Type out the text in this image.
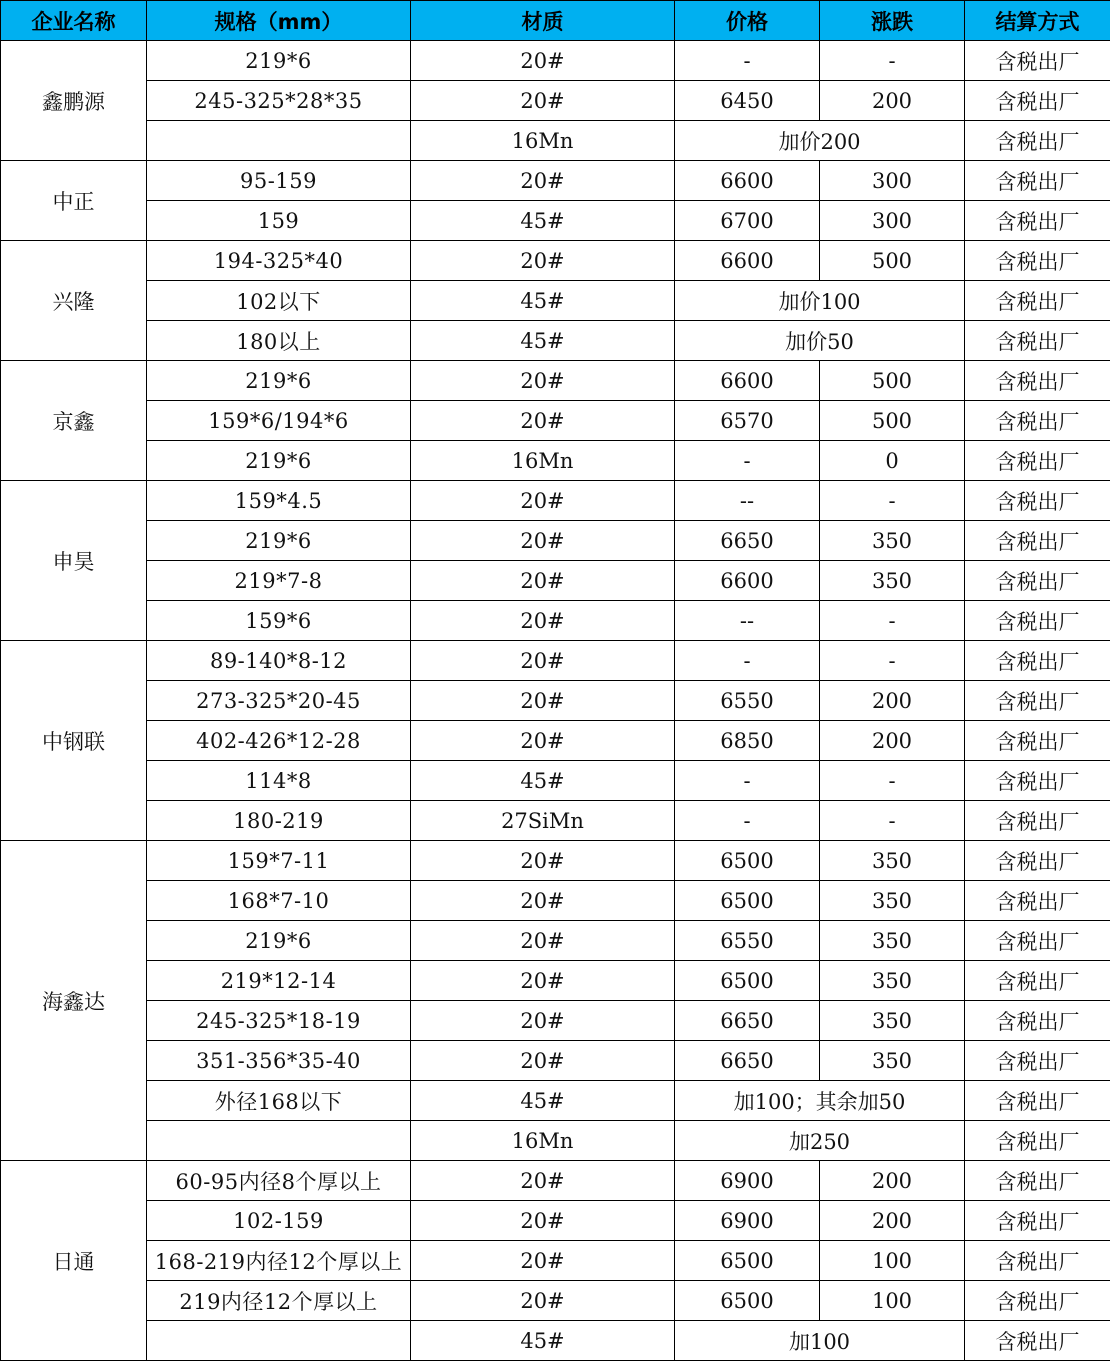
企业名称	规格（mm）	材质	价格	涨跌	结算方式
鑫鹏源	219*6	20#	-	-	含税出厂
	245-325*28*35	20#	6450	200	含税出厂
		16Mn	加价200		含税出厂
中正	95-159	20#	6600	300	含税出厂
	159	45#	6700	300	含税出厂
兴隆	194-325*40	20#	6600	500	含税出厂
	102以下	45#	加价100		含税出厂
	180以上	45#	加价50		含税出厂
京鑫	219*6	20#	6600	500	含税出厂
	159*6/194*6	20#	6570	500	含税出厂
	219*6	16Mn	-	0	含税出厂
申昊	159*4.5	20#	--	-	含税出厂
	219*6	20#	6650	350	含税出厂
	219*7-8	20#	6600	350	含税出厂
	159*6	20#	--	-	含税出厂
中钢联	89-140*8-12	20#	-	-	含税出厂
	273-325*20-45	20#	6550	200	含税出厂
	402-426*12-28	20#	6850	200	含税出厂
	114*8	45#	-	-	含税出厂
	180-219	27SiMn	-	-	含税出厂
海鑫达	159*7-11	20#	6500	350	含税出厂
	168*7-10	20#	6500	350	含税出厂
	219*6	20#	6550	350	含税出厂
	219*12-14	20#	6500	350	含税出厂
	245-325*18-19	20#	6650	350	含税出厂
	351-356*35-40	20#	6650	350	含税出厂
	外径168以下	45#	加100；其余加50		含税出厂
		16Mn	加250		含税出厂
日通	60-95内径8个厚以上	20#	6900	200	含税出厂
	102-159	20#	6900	200	含税出厂
	168-219内径12个厚以上	20#	6500	100	含税出厂
	219内径12个厚以上	20#	6500	100	含税出厂
		45#	加100		含税出厂
